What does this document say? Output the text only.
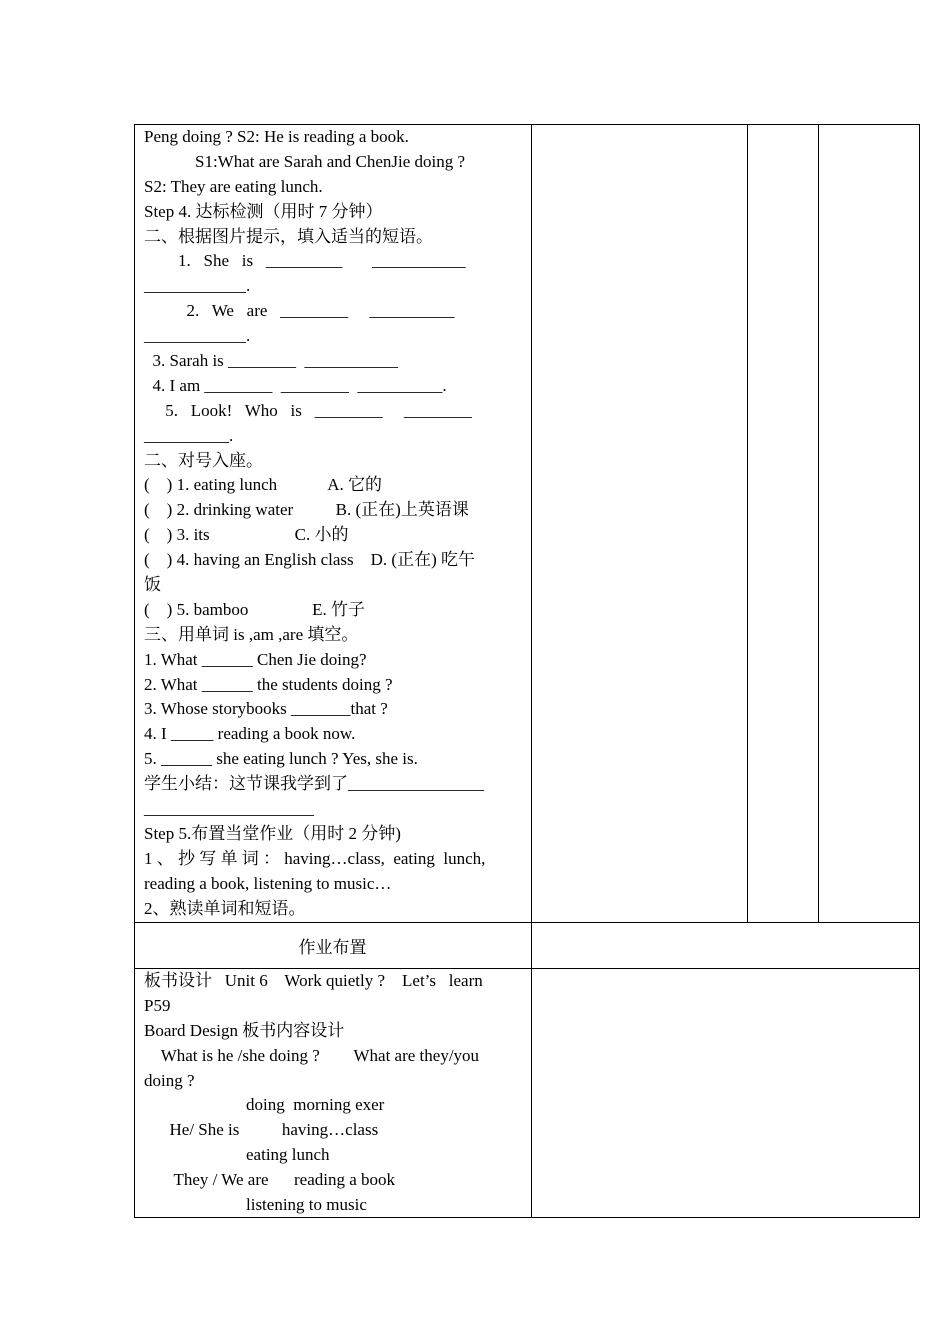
Peng doing ? S2: He is reading a book.
S1:What are Sarah and ChenJie doing ?
S2: They are eating lunch.
Step 4. 达标检测（用时 7 分钟）
二、根据图片提示，填入适当的短语。
1.   She   is   _________       ___________
____________.
2.   We   are   ________     __________
____________.
3. Sarah is ________  ___________
4. I am ________  ________  __________.
5.   Look!   Who   is   ________     ________
__________.
二、对号入座。
(    ) 1. eating lunch            A. 它的
(    ) 2. drinking water          B. (正在)上英语课
(    ) 3. its                    C. 小的
(    ) 4. having an English class    D. (正在) 吃午
饭
(    ) 5. bamboo               E. 竹子
三、用单词 is ,am ,are 填空。
1. What ______ Chen Jie doing?
2. What ______ the students doing ?
3. Whose storybooks _______that ?
4. I _____ reading a book now.
5. ______ she eating lunch ? Yes, she is.
学生小结：这节课我学到了________________
____________________
Step 5.布置当堂作业（用时 2 分钟)
1 、 抄 写 单 词 ： having…class,  eating  lunch,
reading a book, listening to music…
2、熟读单词和短语。
作业布置
板书设计   Unit 6    Work quietly ?    Let’s   learn
P59
Board Design 板书内容设计
What is he /she doing ?        What are they/you
doing ?
doing  morning exer
He/ She is          having…class
eating lunch
They / We are      reading a book
listening to music
